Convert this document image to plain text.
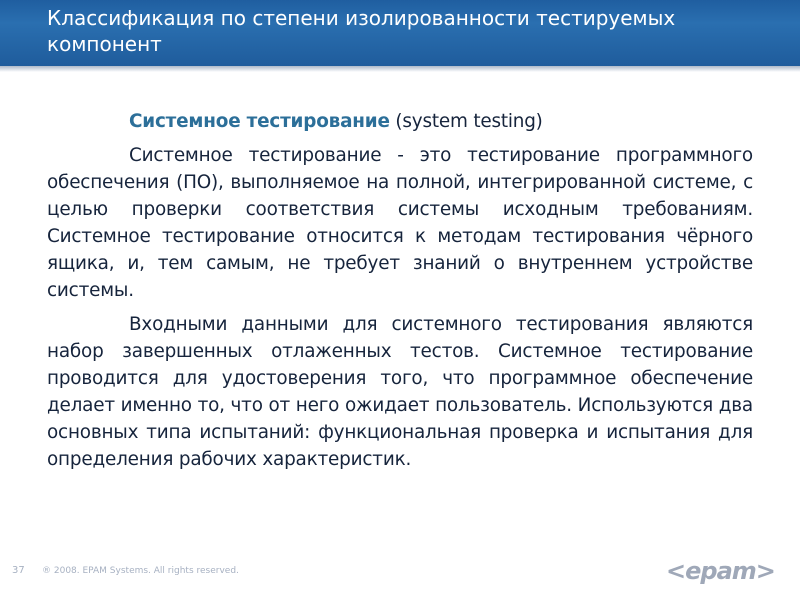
Классификация по степени изолированности тестируемых компонент

Системное тестирование (system testing)

Системное тестирование - это тестирование программного обеспечения (ПО), выполняемое на полной, интегрированной системе, с целью проверки соответствия системы исходным требованиям. Системное тестирование относится к методам тестирования чёрного ящика, и, тем самым, не требует знаний о внутреннем устройстве системы.

Входными данными для системного тестирования являются набор завершенных отлаженных тестов. Системное тестирование проводится для удостоверения того, что программное обеспечение делает именно то, что от него ожидает пользователь. Используются два основных типа испытаний: функциональная проверка и испытания для определения рабочих характеристик.

37 ® 2008. EPAM Systems. All rights reserved.	<epam>
